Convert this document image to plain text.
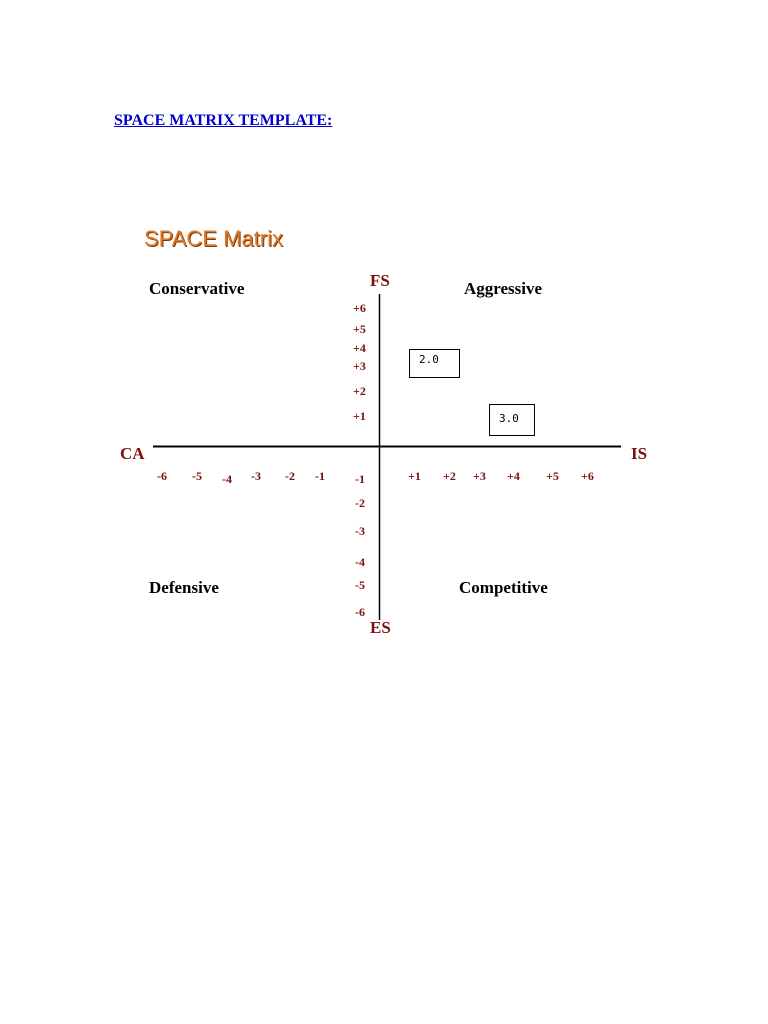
SPACE MATRIX TEMPLATE:
SPACE Matrix
Conservative	Aggressive
Defensive	Competitive
FS
ES
CA	IS
+6
+5
+4
+3
+2
+1
-1
-2
-3
-4
-5
-6
-6 -5 -4 -3 -2 -1	+1 +2 +3 +4 +5 +6
2.0
3.0
